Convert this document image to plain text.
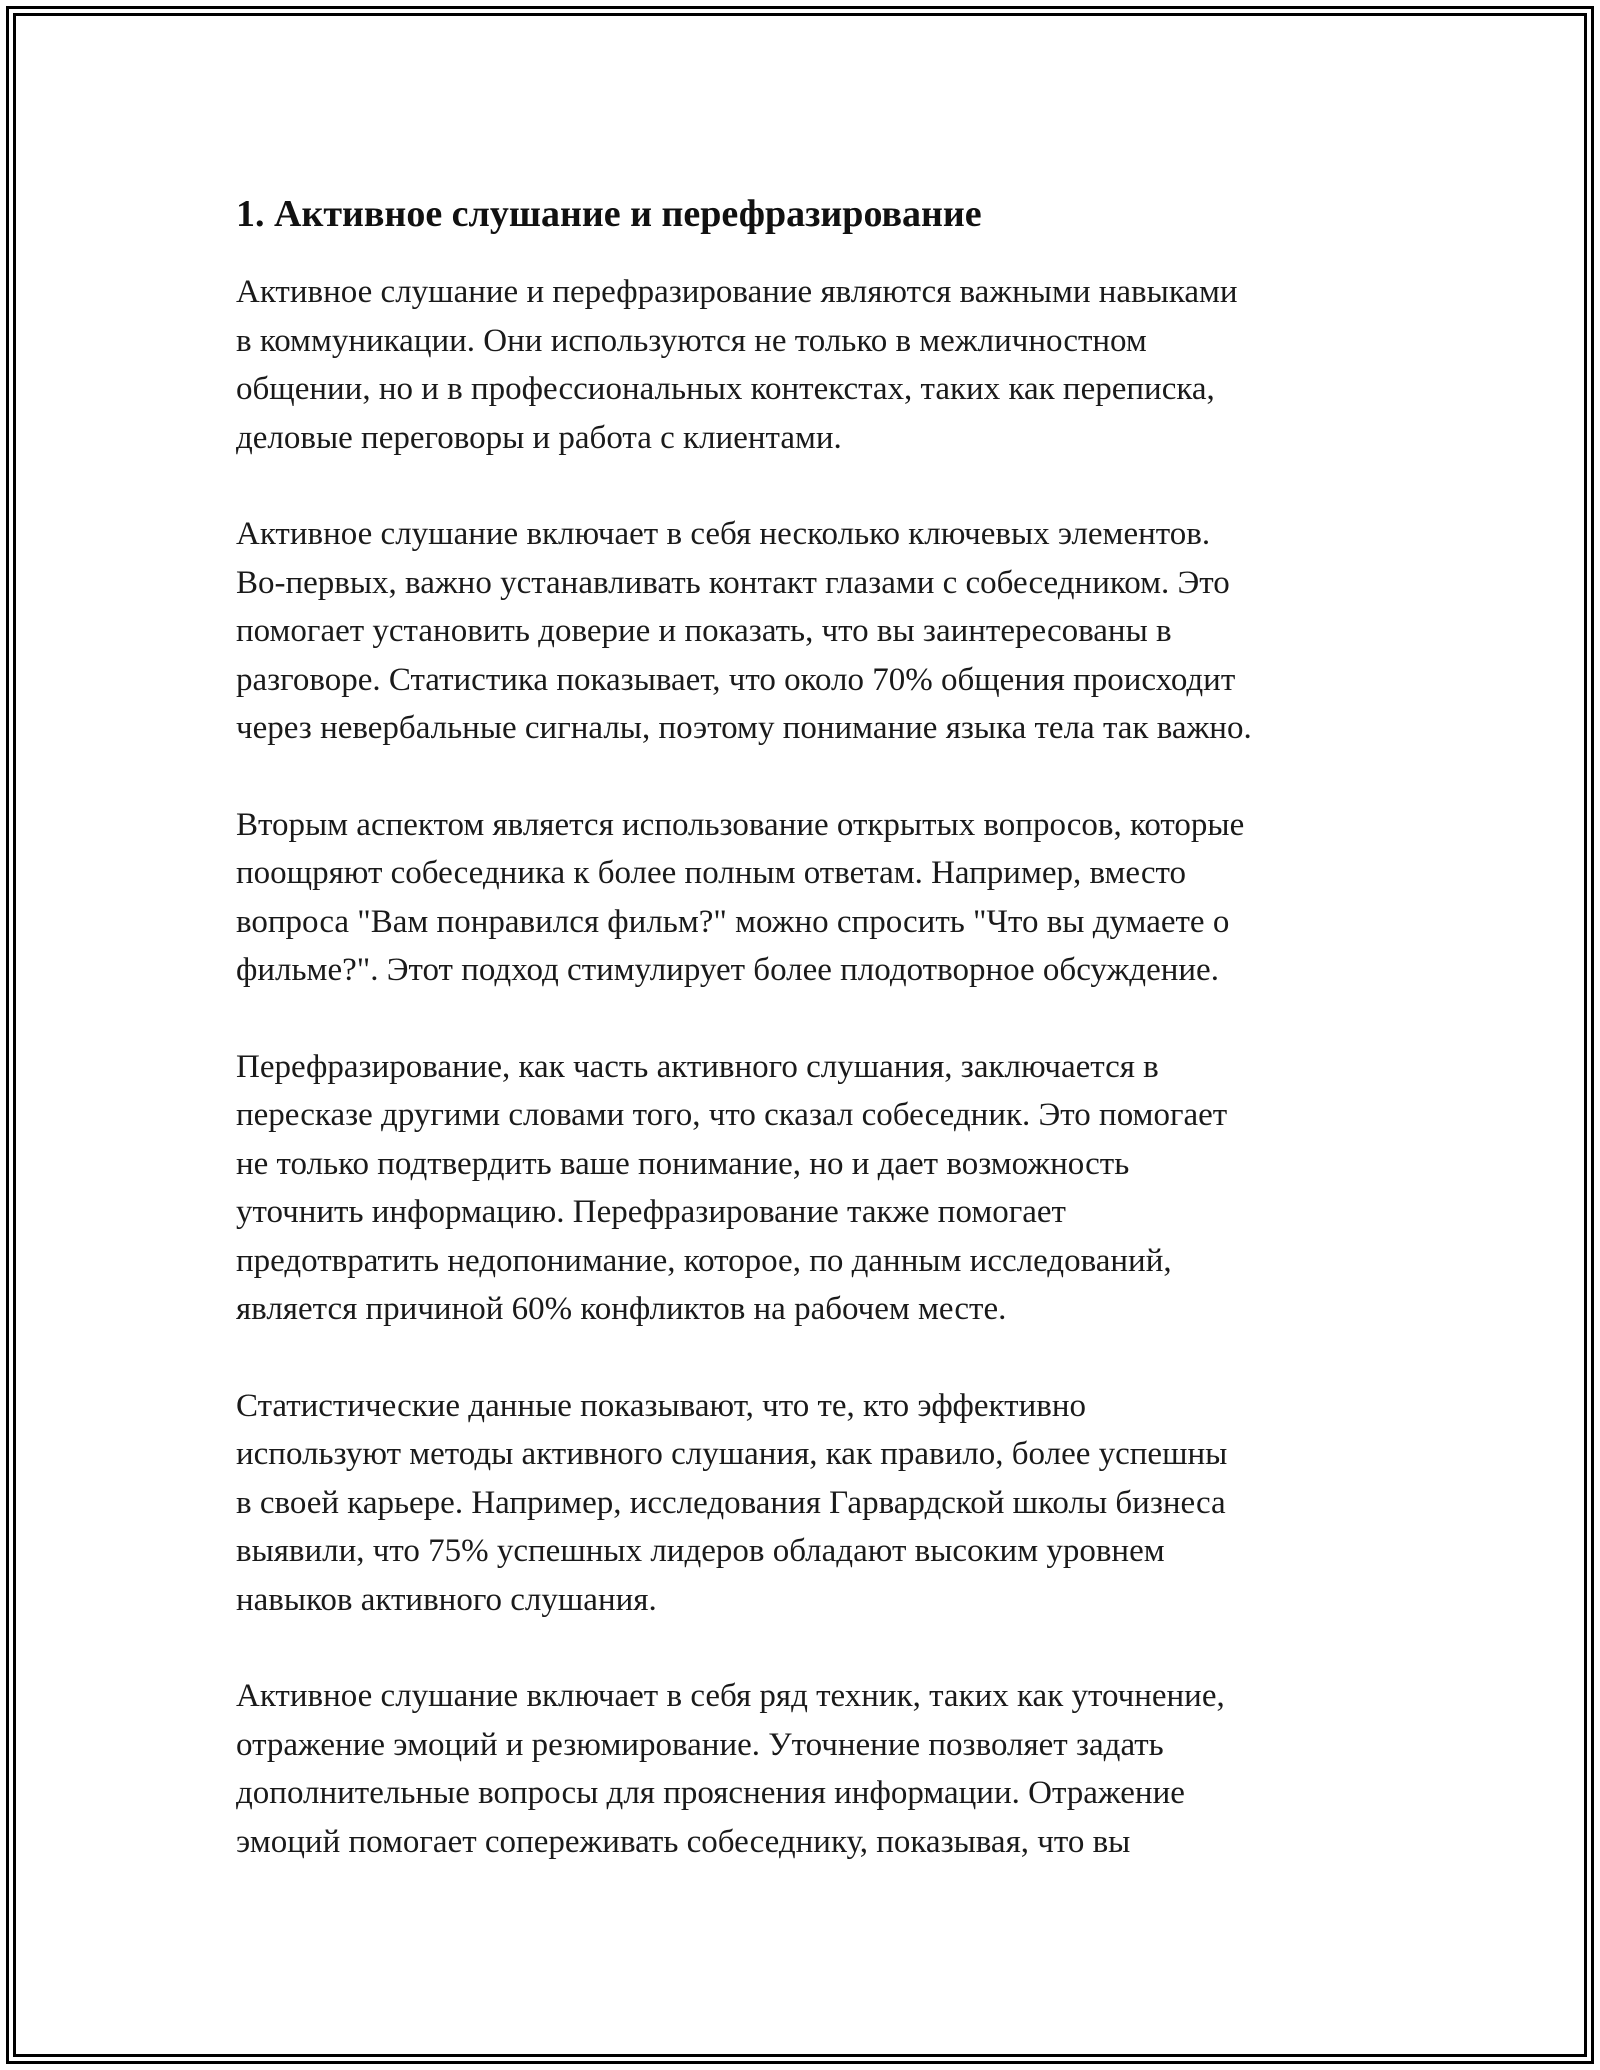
1. Активное слушание и перефразирование

Активное слушание и перефразирование являются важными навыками
в коммуникации. Они используются не только в межличностном
общении, но и в профессиональных контекстах, таких как переписка,
деловые переговоры и работа с клиентами.

Активное слушание включает в себя несколько ключевых элементов.
Во-первых, важно устанавливать контакт глазами с собеседником. Это
помогает установить доверие и показать, что вы заинтересованы в
разговоре. Статистика показывает, что около 70% общения происходит
через невербальные сигналы, поэтому понимание языка тела так важно.

Вторым аспектом является использование открытых вопросов, которые
поощряют собеседника к более полным ответам. Например, вместо
вопроса "Вам понравился фильм?" можно спросить "Что вы думаете о
фильме?". Этот подход стимулирует более плодотворное обсуждение.

Перефразирование, как часть активного слушания, заключается в
пересказе другими словами того, что сказал собеседник. Это помогает
не только подтвердить ваше понимание, но и дает возможность
уточнить информацию. Перефразирование также помогает
предотвратить недопонимание, которое, по данным исследований,
является причиной 60% конфликтов на рабочем месте.

Статистические данные показывают, что те, кто эффективно
используют методы активного слушания, как правило, более успешны
в своей карьере. Например, исследования Гарвардской школы бизнеса
выявили, что 75% успешных лидеров обладают высоким уровнем
навыков активного слушания.

Активное слушание включает в себя ряд техник, таких как уточнение,
отражение эмоций и резюмирование. Уточнение позволяет задать
дополнительные вопросы для прояснения информации. Отражение
эмоций помогает сопереживать собеседнику, показывая, что вы
